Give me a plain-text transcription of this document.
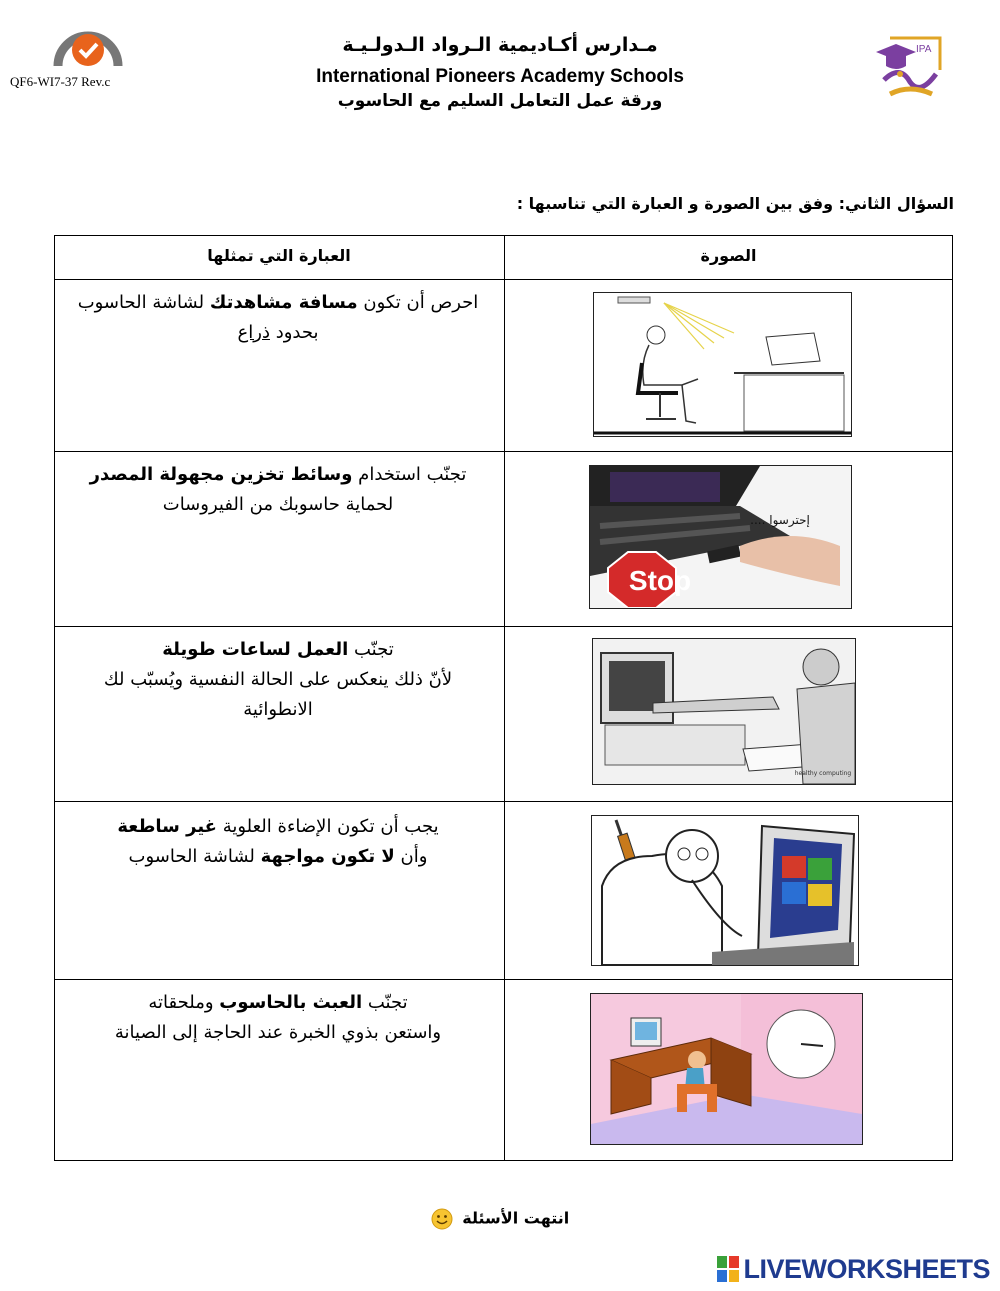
QF6-WI7-37 Rev.c
مـدارس أكـاديمية الـرواد الـدولـيـة
International Pioneers Academy Schools
ورقة عمل التعامل السليم مع الحاسوب
IPA
السؤال الثاني: وفق بين الصورة و العبارة التي تناسبها :
الصورة
العبارة التي تمثلها
احرص أن تكون مسافة مشاهدتك لشاشة الحاسوب
بحدود ذراع
تجنّب استخدام وسائط تخزين مجهولة المصدر
لحماية حاسوبك من الفيروسات
إحترسوا ....
Stop
تجنّب العمل لساعات طويلة
لأنّ ذلك ينعكس على الحالة النفسية ويُسبّب لك
الانطوائية
healthy computing
يجب أن تكون الإضاءة العلوية غير ساطعة
وأن لا تكون مواجهة لشاشة الحاسوب
تجنّب العبث بالحاسوب وملحقاته
واستعن بذوي الخبرة عند الحاجة إلى الصيانة
انتهت الأسئلة
LIVEWORKSHEETS
